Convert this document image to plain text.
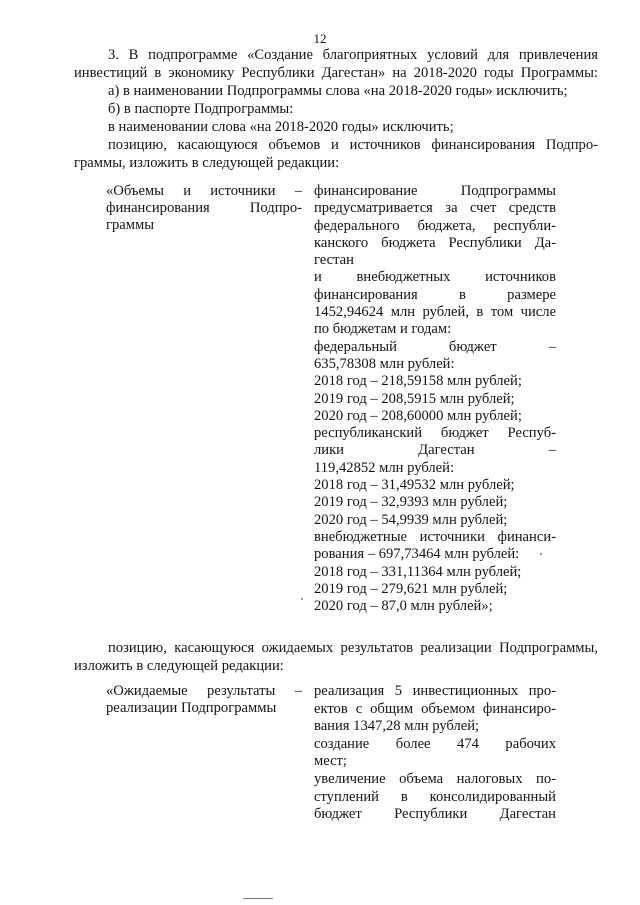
12
3. В подпрограмме «Создание благоприятных условий для привлечения
инвестиций в экономику Республики Дагестан» на 2018-2020 годы Программы:
а) в наименовании Подпрограммы слова «на 2018-2020 годы» исключить;
б) в паспорте Подпрограммы:
в наименовании слова «на 2018-2020 годы» исключить;
позицию, касающуюся объемов и источников финансирования Подпро-
граммы, изложить в следующей редакции:
«Объемы и источники –
финансирования Подпро-
граммы
финансирование Подпрограммы
предусматривается за счет средств
федерального бюджета, республи-
канского бюджета Республики Да-
гестан
и внебюджетных источников
финансирования в размере
1452,94624 млн рублей, в том числе
по бюджетам и годам:
федеральный бюджет –
635,78308 млн рублей:
2018 год – 218,59158 млн рублей;
2019 год – 208,5915 млн рублей;
2020 год – 208,60000 млн рублей;
республиканский бюджет Респуб-
лики Дагестан –
119,42852 млн рублей:
2018 год – 31,49532 млн рублей;
2019 год – 32,9393 млн рублей;
2020 год – 54,9939 млн рублей;
внебюджетные источники финанси-
рования – 697,73464 млн рублей:
2018 год – 331,11364 млн рублей;
2019 год – 279,621 млн рублей;
2020 год – 87,0 млн рублей»;
позицию, касающуюся ожидаемых результатов реализации Подпрограммы,
изложить в следующей редакции:
«Ожидаемые результаты –
реализации Подпрограммы
реализация 5 инвестиционных про-
ектов с общим объемом финансиро-
вания 1347,28 млн рублей;
создание более 474 рабочих
мест;
увеличение объема налоговых по-
ступлений в консолидированный
бюджет Республики Дагестан
